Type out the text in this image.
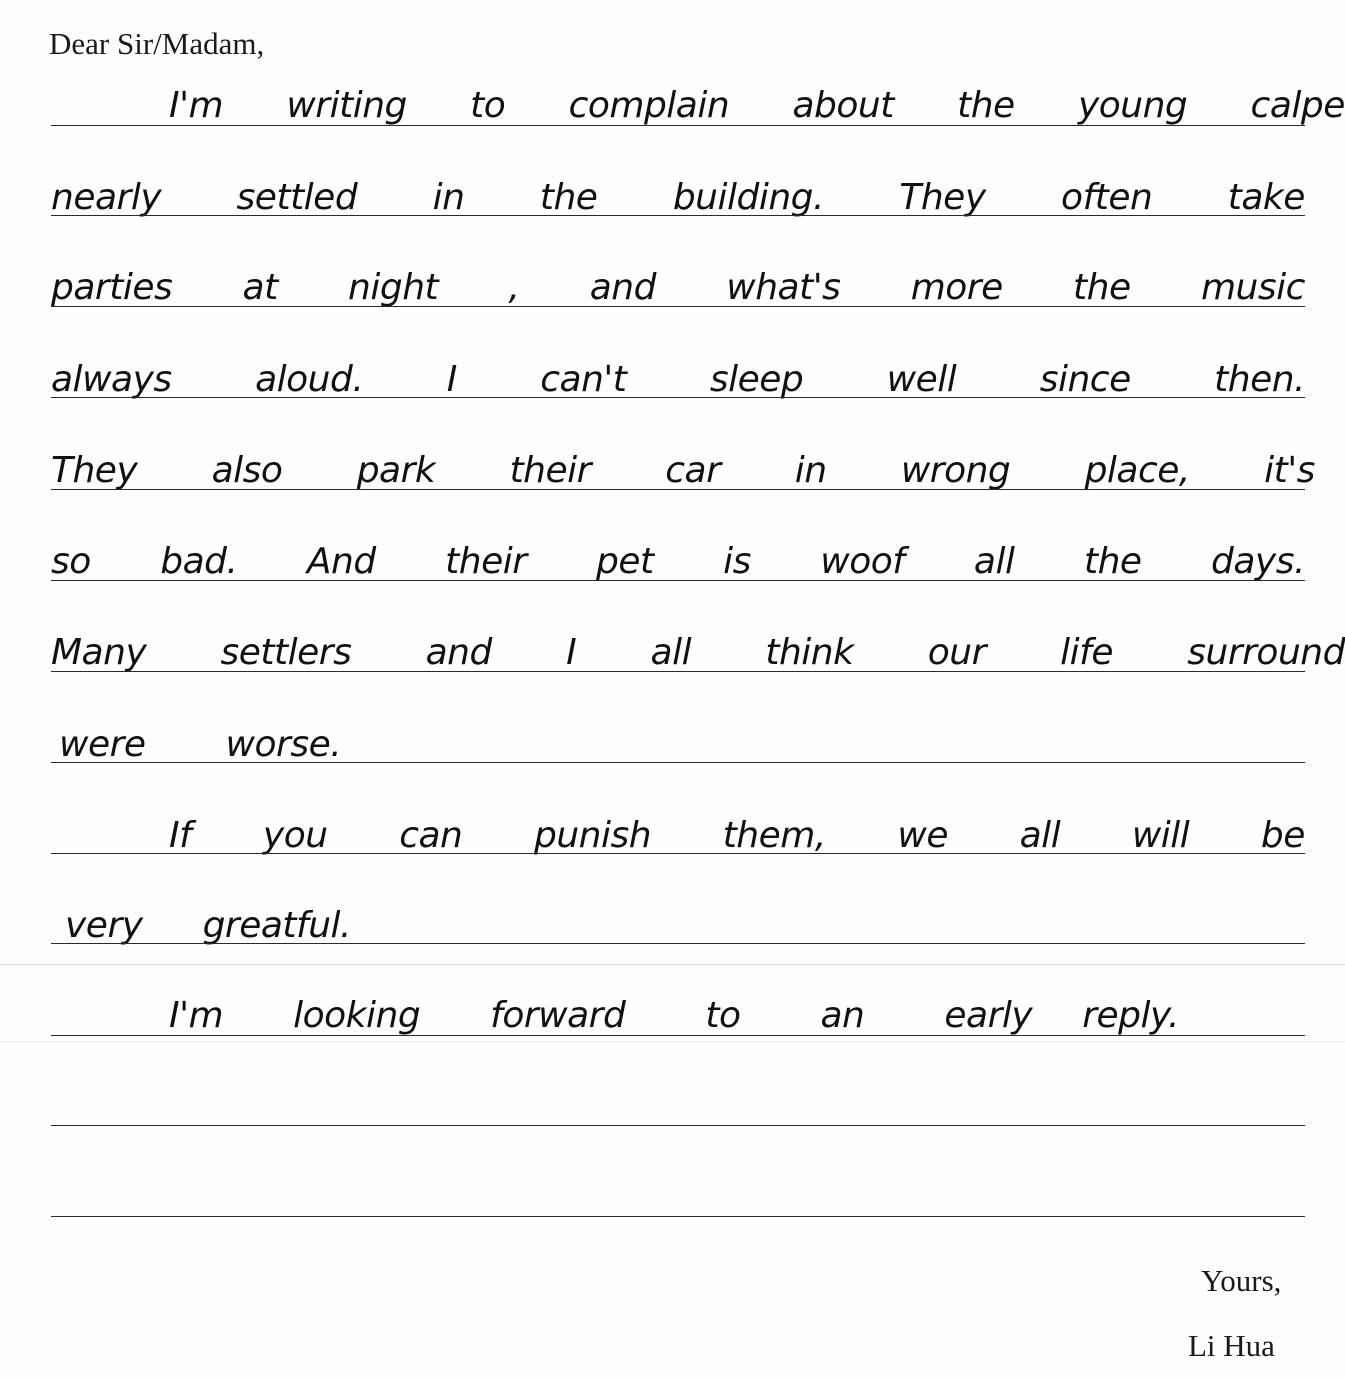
Dear Sir/Madam,

I'm writing to complain about the young calpe
nearly settled in the building. They often take
parties at night , and what's more the music
always aloud. I can't sleep well since then.
They also park their car in wrong place, it's
so bad. And their pet is woof all the days.
Many settlers and I all think our life surround
were worse.
If you can punish them, we all will be
very greatful.
I'm looking forward to an early reply.

Yours,

Li Hua
